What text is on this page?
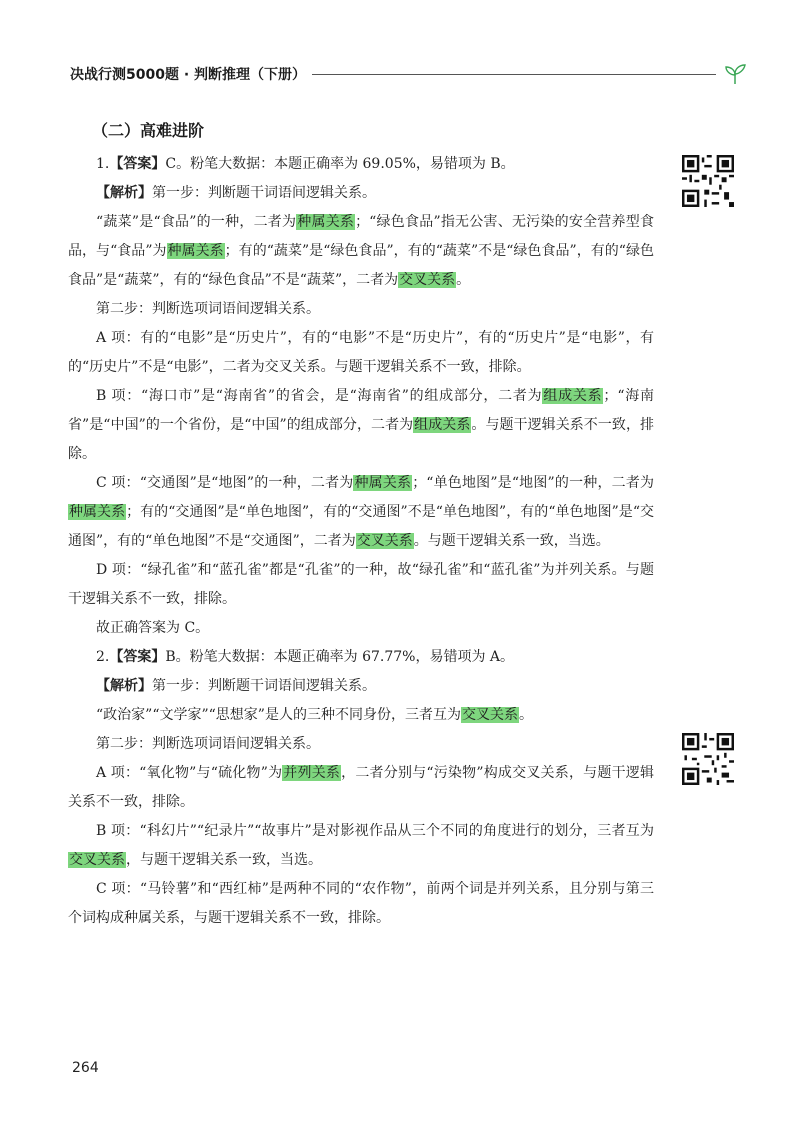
决战行测5000题 · 判断推理（下册）
（二）高难进阶

1.【答案】C。粉笔大数据：本题正确率为 69.05%，易错项为 B。

【解析】第一步：判断题干词语间逻辑关系。

“蔬菜”是“食品”的一种，二者为种属关系；“绿色食品”指无公害、无污染的安全营养型食品，与“食品”为种属关系；有的“蔬菜”是“绿色食品”，有的“蔬菜”不是“绿色食品”，有的“绿色食品”是“蔬菜”，有的“绿色食品”不是“蔬菜”，二者为交叉关系。

第二步：判断选项词语间逻辑关系。

A 项：有的“电影”是“历史片”，有的“电影”不是“历史片”，有的“历史片”是“电影”，有的“历史片”不是“电影”，二者为交叉关系。与题干逻辑关系不一致，排除。

B 项：“海口市”是“海南省”的省会，是“海南省”的组成部分，二者为组成关系；“海南省”是“中国”的一个省份，是“中国”的组成部分，二者为组成关系。与题干逻辑关系不一致，排除。

C 项：“交通图”是“地图”的一种，二者为种属关系；“单色地图”是“地图”的一种，二者为种属关系；有的“交通图”是“单色地图”，有的“交通图”不是“单色地图”，有的“单色地图”是“交通图”，有的“单色地图”不是“交通图”，二者为交叉关系。与题干逻辑关系一致，当选。

D 项：“绿孔雀”和“蓝孔雀”都是“孔雀”的一种，故“绿孔雀”和“蓝孔雀”为并列关系。与题干逻辑关系不一致，排除。

故正确答案为 C。

2.【答案】B。粉笔大数据：本题正确率为 67.77%，易错项为 A。

【解析】第一步：判断题干词语间逻辑关系。

“政治家”“文学家”“思想家”是人的三种不同身份，三者互为交叉关系。

第二步：判断选项词语间逻辑关系。

A 项：“氧化物”与“硫化物”为并列关系，二者分别与“污染物”构成交叉关系，与题干逻辑关系不一致，排除。

B 项：“科幻片”“纪录片”“故事片”是对影视作品从三个不同的角度进行的划分，三者互为交叉关系，与题干逻辑关系一致，当选。

C 项：“马铃薯”和“西红柿”是两种不同的“农作物”，前两个词是并列关系，且分别与第三个词构成种属关系，与题干逻辑关系不一致，排除。

264
